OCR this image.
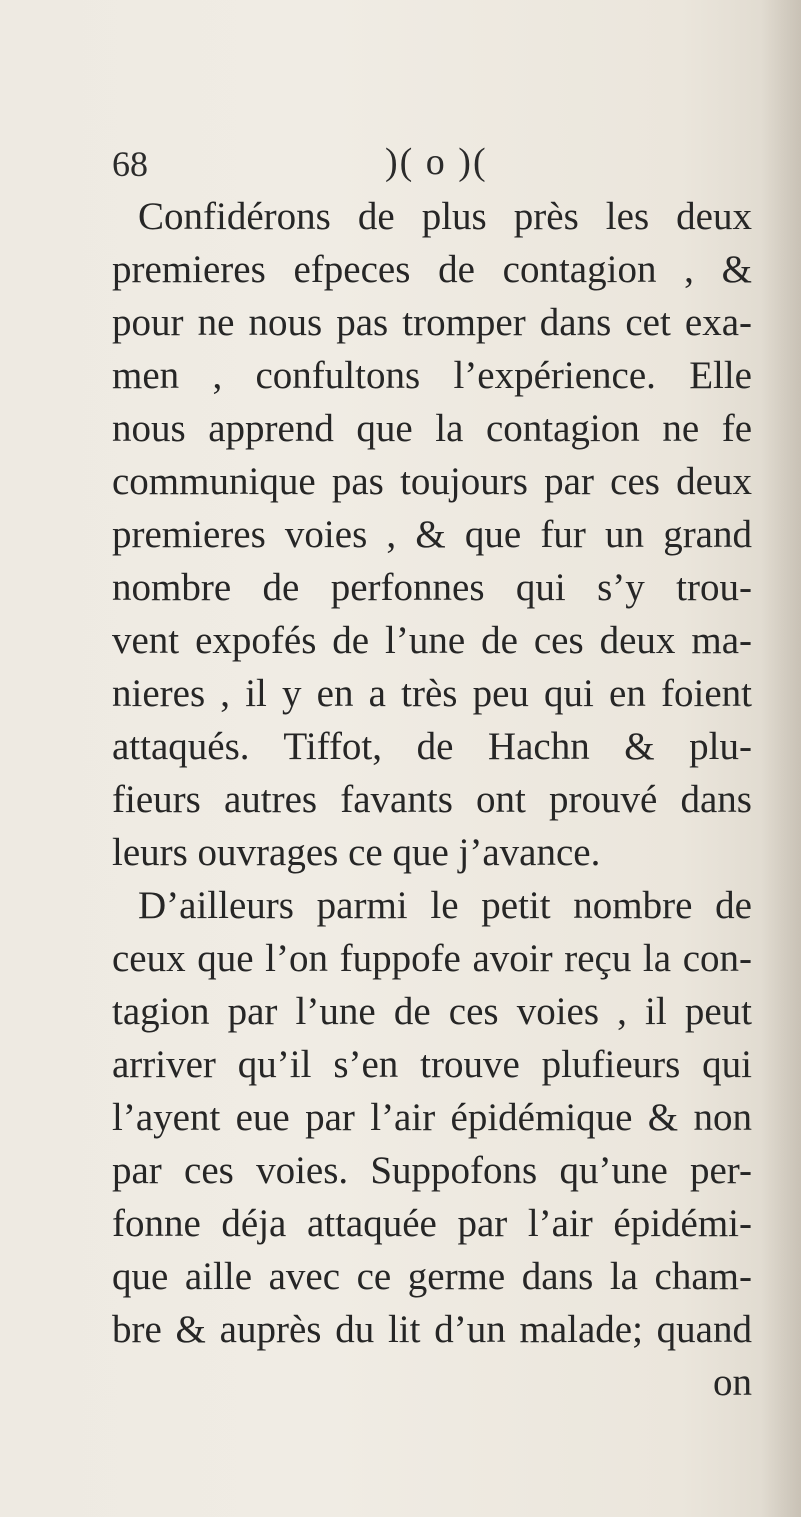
68	)( o )(
Confidérons de plus près les deux
premieres efpeces de contagion , &
pour ne nous pas tromper dans cet exa-
men , confultons l’expérience. Elle
nous apprend que la contagion ne fe
communique pas toujours par ces deux
premieres voies , & que fur un grand
nombre de perfonnes qui s’y trou-
vent expofés de l’une de ces deux ma-
nieres , il y en a très peu qui en foient
attaqués. Tiffot, de Hachn & plu-
fieurs autres favants ont prouvé dans
leurs ouvrages ce que j’avance.
D’ailleurs parmi le petit nombre de
ceux que l’on fuppofe avoir reçu la con-
tagion par l’une de ces voies , il peut
arriver qu’il s’en trouve plufieurs qui
l’ayent eue par l’air épidémique & non
par ces voies. Suppofons qu’une per-
fonne déja attaquée par l’air épidémi-
que aille avec ce germe dans la cham-
bre & auprès du lit d’un malade; quand
on
